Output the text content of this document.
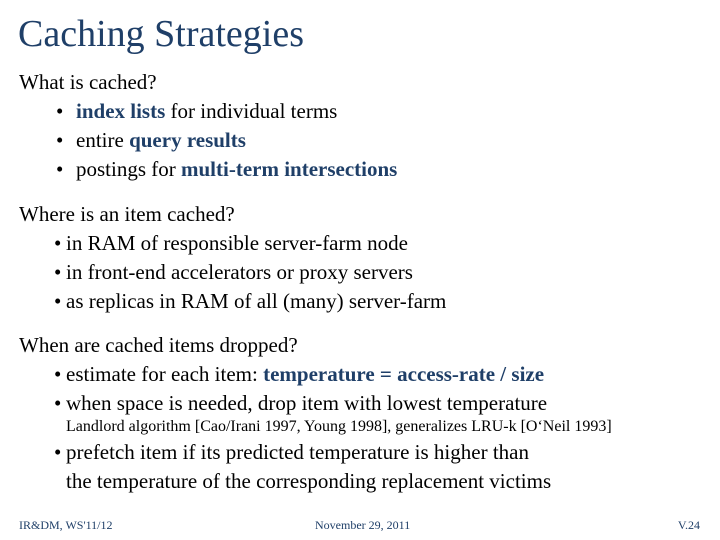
Caching Strategies
What is cached?
• index lists for individual terms
• entire query results
• postings for multi-term intersections
Where is an item cached?
• in RAM of responsible server-farm node
• in front-end accelerators or proxy servers
• as replicas in RAM of all (many) server-farm
When are cached items dropped?
• estimate for each item: temperature = access-rate / size
• when space is needed, drop item with lowest temperature
Landlord algorithm [Cao/Irani 1997, Young 1998], generalizes LRU-k [O‘Neil 1993]
• prefetch item if its predicted temperature is higher than
the temperature of the corresponding replacement victims
IR&DM, WS'11/12	November 29, 2011	V.24
